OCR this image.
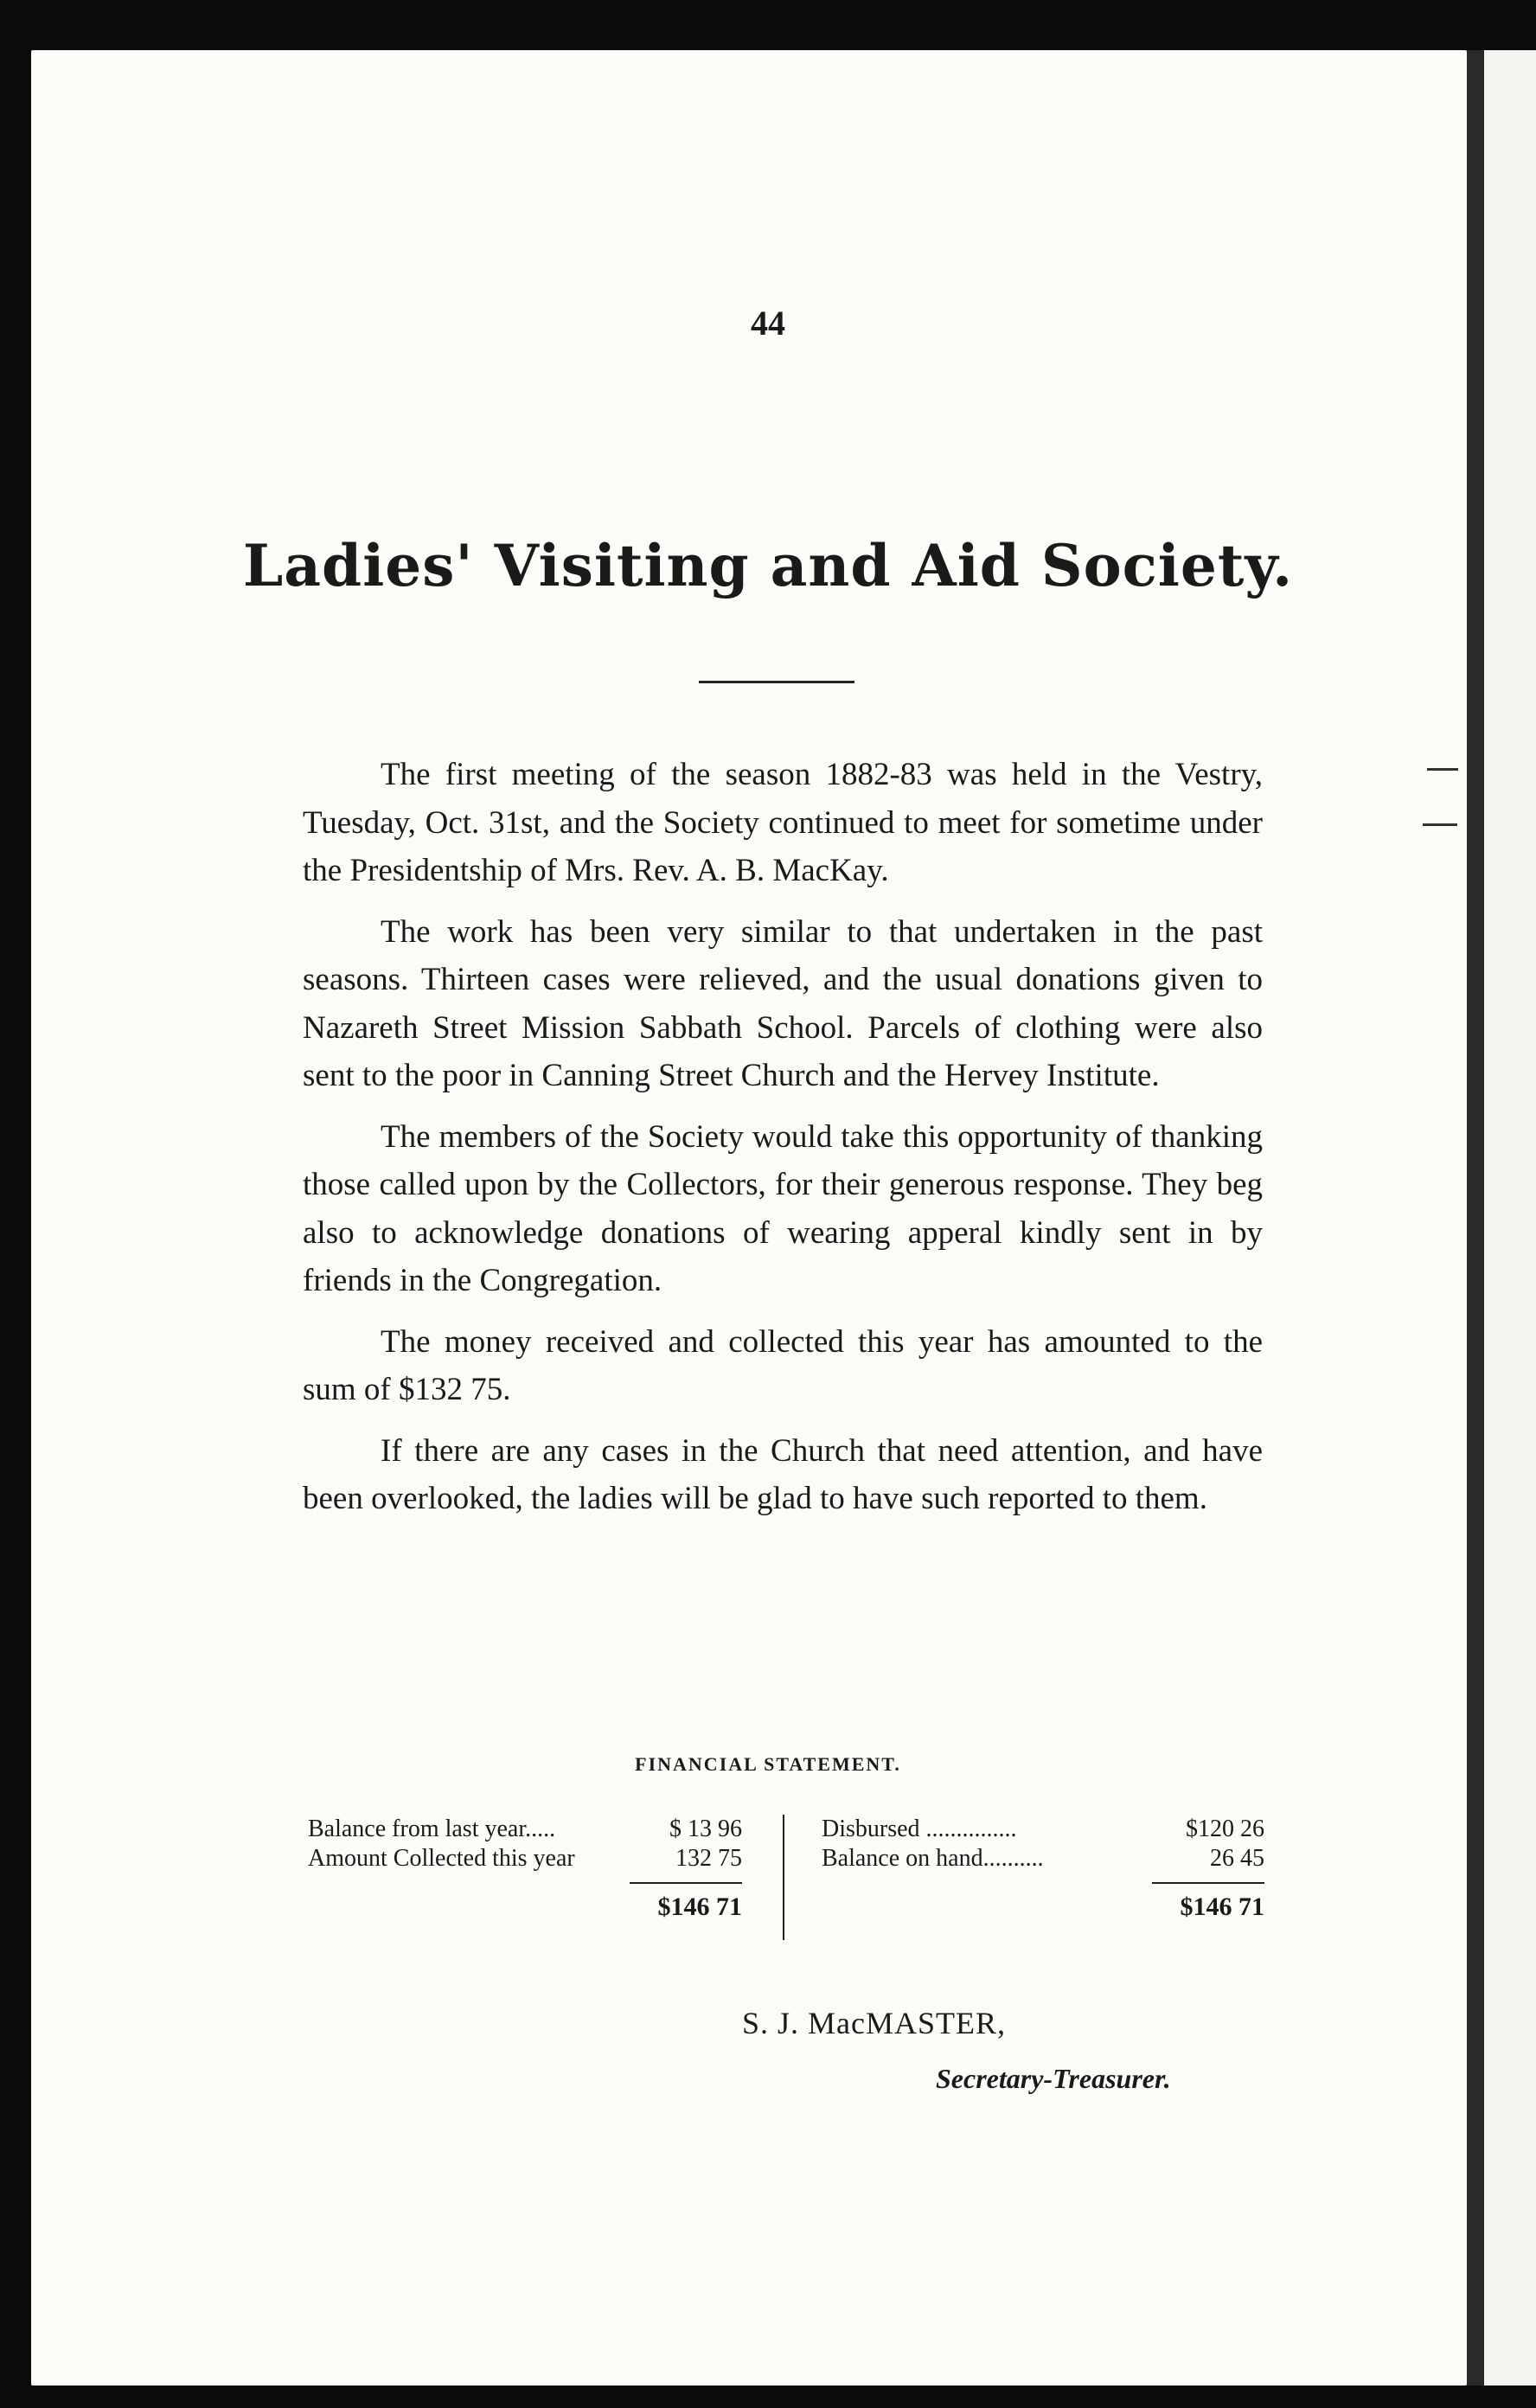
44
Ladies' Visiting and Aid Society.

The first meeting of the season 1882-83 was held in the Vestry, Tuesday, Oct. 31st, and the Society continued to meet for sometime under the Presidentship of Mrs. Rev. A. B. MacKay.

The work has been very similar to that undertaken in the past seasons. Thirteen cases were relieved, and the usual donations given to Nazareth Street Mission Sabbath School. Parcels of clothing were also sent to the poor in Canning Street Church and the Hervey Institute.

The members of the Society would take this opportunity of thanking those called upon by the Collectors, for their generous response. They beg also to acknowledge donations of wearing apperal kindly sent in by friends in the Congregation.

The money received and collected this year has amounted to the sum of $132 75.

If there are any cases in the Church that need attention, and have been overlooked, the ladies will be glad to have such reported to them.

FINANCIAL STATEMENT.
Balance from last year.....	$ 13 96
Amount Collected this year	132 75
$146 71
Disbursed ...............	$120 26
Balance on hand..........	26 45
$146 71
S. J. MacMASTER,
Secretary-Treasurer.
